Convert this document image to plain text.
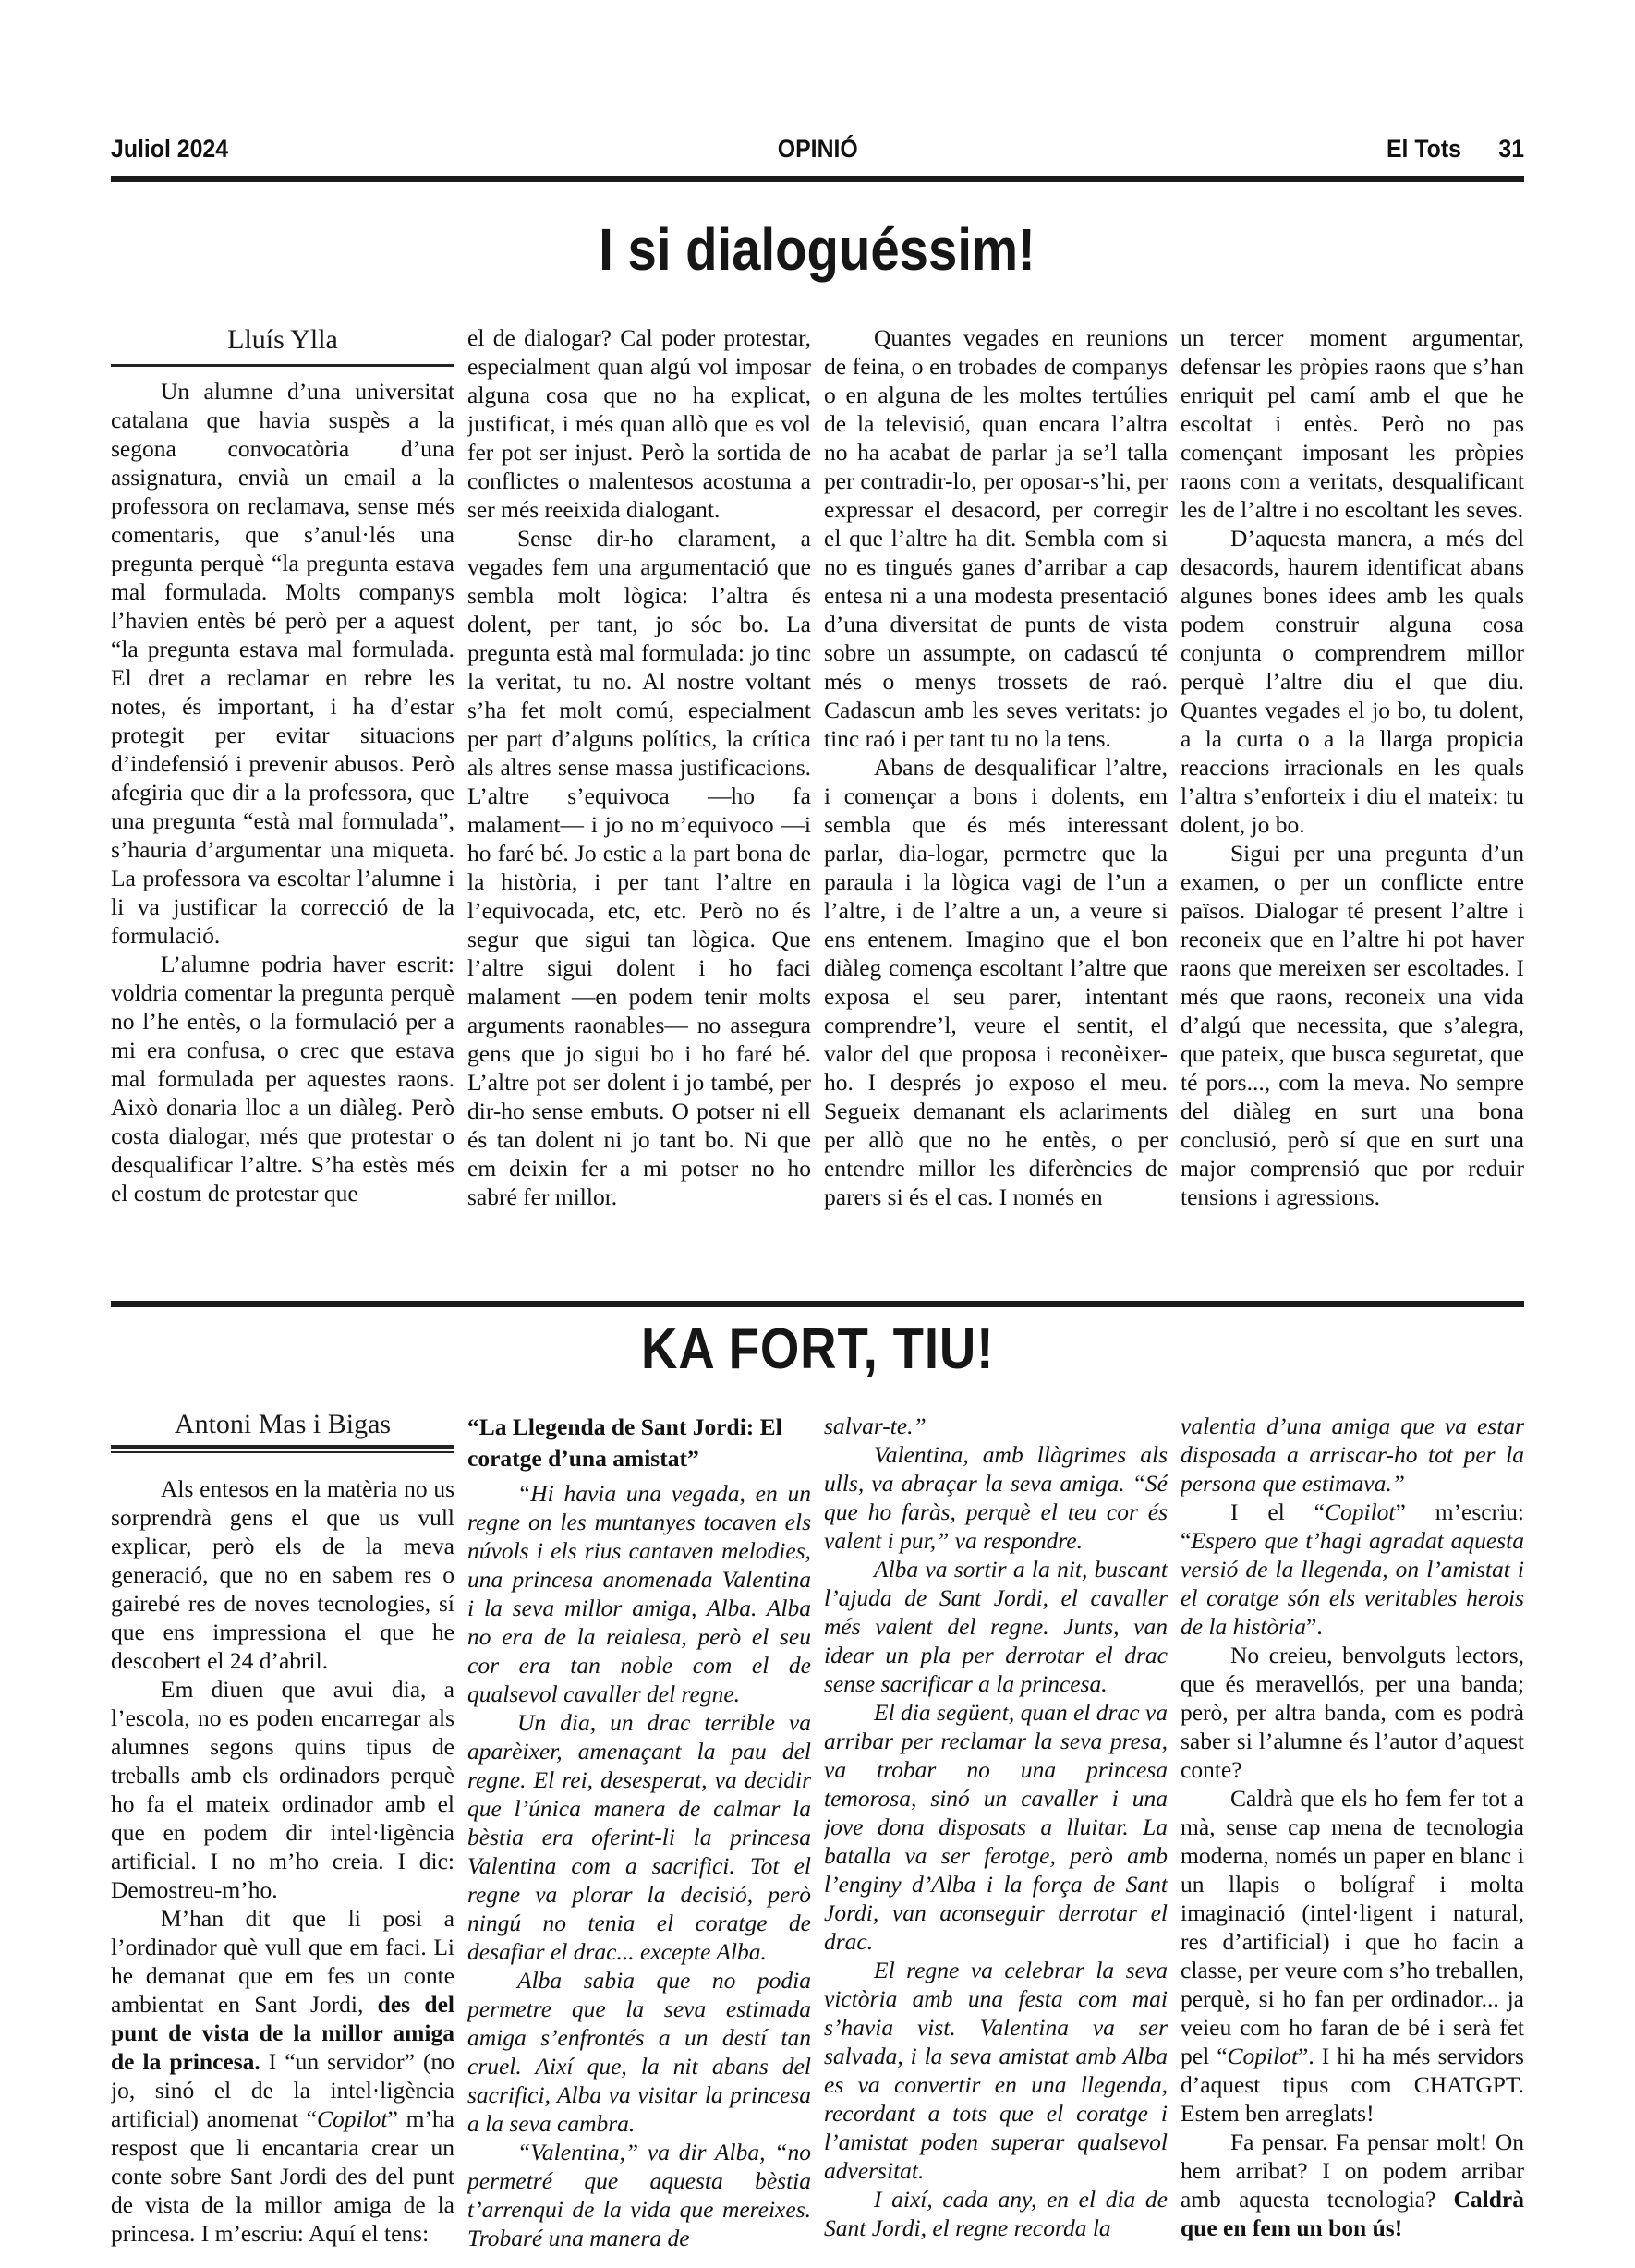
Juliol 2024	OPINIÓ	El Tots 31
I si dialoguéssim!
Lluís Ylla

Un alumne d’una universitat catalana que havia suspès a la segona convocatòria d’una assignatura, envià un email a la professora on reclamava, sense més comentaris, que s’anul·lés una pregunta perquè “la pregunta estava mal formulada. Molts companys l’havien entès bé però per a aquest “la pregunta estava mal formulada. El dret a reclamar en rebre les notes, és important, i ha d’estar protegit per evitar situacions d’indefensió i prevenir abusos. Però afegiria que dir a la professora, que una pregunta “està mal formulada”, s’hauria d’argumentar una miqueta. La professora va escoltar l’alumne i li va justificar la correcció de la formulació.

L’alumne podria haver escrit: voldria comentar la pregunta perquè no l’he entès, o la formulació per a mi era confusa, o crec que estava mal formulada per aquestes raons. Això donaria lloc a un diàleg. Però costa dialogar, més que protestar o desqualificar l’altre. S’ha estès més el costum de protestar que

el de dialogar? Cal poder protestar, especialment quan algú vol imposar alguna cosa que no ha explicat, justificat, i més quan allò que es vol fer pot ser injust. Però la sortida de conflictes o malentesos acostuma a ser més reeixida dialogant.

Sense dir-ho clarament, a vegades fem una argumentació que sembla molt lògica: l’altra és dolent, per tant, jo sóc bo. La pregunta està mal formulada: jo tinc la veritat, tu no. Al nostre voltant s’ha fet molt comú, especialment per part d’alguns polítics, la crítica als altres sense massa justificacions. L’altre s’equivoca —ho fa malament— i jo no m’equivoco —i ho faré bé. Jo estic a la part bona de la història, i per tant l’altre en l’equivocada, etc, etc. Però no és segur que sigui tan lògica. Que l’altre sigui dolent i ho faci malament —en podem tenir molts arguments raonables— no assegura gens que jo sigui bo i ho faré bé. L’altre pot ser dolent i jo també, per dir-ho sense embuts. O potser ni ell és tan dolent ni jo tant bo. Ni que em deixin fer a mi potser no ho sabré fer millor.

Quantes vegades en reunions de feina, o en trobades de companys o en alguna de les moltes tertúlies de la televisió, quan encara l’altra no ha acabat de parlar ja se’l talla per contradir-lo, per oposar-s’hi, per expressar el desacord, per corregir el que l’altre ha dit. Sembla com si no es tingués ganes d’arribar a cap entesa ni a una modesta presentació d’una diversitat de punts de vista sobre un assumpte, on cadascú té més o menys trossets de raó. Cadascun amb les seves veritats: jo tinc raó i per tant tu no la tens.

Abans de desqualificar l’altre, i començar a bons i dolents, em sembla que és més interessant parlar, dia-logar, permetre que la paraula i la lògica vagi de l’un a l’altre, i de l’altre a un, a veure si ens entenem. Imagino que el bon diàleg comença escoltant l’altre que exposa el seu parer, intentant comprendre’l, veure el sentit, el valor del que proposa i reconèixer-ho. I després jo exposo el meu. Segueix demanant els aclariments per allò que no he entès, o per entendre millor les diferències de parers si és el cas. I només en

un tercer moment argumentar, defensar les pròpies raons que s’han enriquit pel camí amb el que he escoltat i entès. Però no pas començant imposant les pròpies raons com a veritats, desqualificant les de l’altre i no escoltant les seves.

D’aquesta manera, a més del desacords, haurem identificat abans algunes bones idees amb les quals podem construir alguna cosa conjunta o comprendrem millor perquè l’altre diu el que diu. Quantes vegades el jo bo, tu dolent, a la curta o a la llarga propicia reaccions irracionals en les quals l’altra s’enforteix i diu el mateix: tu dolent, jo bo.

Sigui per una pregunta d’un examen, o per un conflicte entre països. Dialogar té present l’altre i reconeix que en l’altre hi pot haver raons que mereixen ser escoltades. I més que raons, reconeix una vida d’algú que necessita, que s’alegra, que pateix, que busca seguretat, que té pors..., com la meva. No sempre del diàleg en surt una bona conclusió, però sí que en surt una major comprensió que por reduir tensions i agressions.

KA FORT, TIU!
Antoni Mas i Bigas

Als entesos en la matèria no us sorprendrà gens el que us vull explicar, però els de la meva generació, que no en sabem res o gairebé res de noves tecnologies, sí que ens impressiona el que he descobert el 24 d’abril.

Em diuen que avui dia, a l’escola, no es poden encarregar als alumnes segons quins tipus de treballs amb els ordinadors perquè ho fa el mateix ordinador amb el que en podem dir intel·ligència artificial. I no m’ho creia. I dic: Demostreu-m’ho.

M’han dit que li posi a l’ordinador què vull que em faci. Li he demanat que em fes un conte ambientat en Sant Jordi, des del punt de vista de la millor amiga de la princesa. I “un servidor” (no jo, sinó el de la intel·ligència artificial) anomenat “Copilot” m’ha respost que li encantaria crear un conte sobre Sant Jordi des del punt de vista de la millor amiga de la princesa. I m’escriu: Aquí el tens:

“La Llegenda de Sant Jordi: El coratge d’una amistat”

“Hi havia una vegada, en un regne on les muntanyes tocaven els núvols i els rius cantaven melodies, una princesa anomenada Valentina i la seva millor amiga, Alba. Alba no era de la reialesa, però el seu cor era tan noble com el de qualsevol cavaller del regne.

Un dia, un drac terrible va aparèixer, amenaçant la pau del regne. El rei, desesperat, va decidir que l’única manera de calmar la bèstia era oferint-li la princesa Valentina com a sacrifici. Tot el regne va plorar la decisió, però ningú no tenia el coratge de desafiar el drac... excepte Alba.

Alba sabia que no podia permetre que la seva estimada amiga s’enfrontés a un destí tan cruel. Així que, la nit abans del sacrifici, Alba va visitar la princesa a la seva cambra.

“Valentina,” va dir Alba, “no permetré que aquesta bèstia t’arrenqui de la vida que mereixes. Trobaré una manera de

salvar-te.”

Valentina, amb llàgrimes als ulls, va abraçar la seva amiga. “Sé que ho faràs, perquè el teu cor és valent i pur,” va respondre.

Alba va sortir a la nit, buscant l’ajuda de Sant Jordi, el cavaller més valent del regne. Junts, van idear un pla per derrotar el drac sense sacrificar a la princesa.

El dia següent, quan el drac va arribar per reclamar la seva presa, va trobar no una princesa temorosa, sinó un cavaller i una jove dona disposats a lluitar. La batalla va ser ferotge, però amb l’enginy d’Alba i la força de Sant Jordi, van aconseguir derrotar el drac.

El regne va celebrar la seva victòria amb una festa com mai s’havia vist. Valentina va ser salvada, i la seva amistat amb Alba es va convertir en una llegenda, recordant a tots que el coratge i l’amistat poden superar qualsevol adversitat.

I així, cada any, en el dia de Sant Jordi, el regne recorda la

valentia d’una amiga que va estar disposada a arriscar-ho tot per la persona que estimava.”

I el “Copilot” m’escriu: “Espero que t’hagi agradat aquesta versió de la llegenda, on l’amistat i el coratge són els veritables herois de la història”.

No creieu, benvolguts lectors, que és meravellós, per una banda; però, per altra banda, com es podrà saber si l’alumne és l’autor d’aquest conte?

Caldrà que els ho fem fer tot a mà, sense cap mena de tecnologia moderna, només un paper en blanc i un llapis o bolígraf i molta imaginació (intel·ligent i natural, res d’artificial) i que ho facin a classe, per veure com s’ho treballen, perquè, si ho fan per ordinador... ja veieu com ho faran de bé i serà fet pel “Copilot”. I hi ha més servidors d’aquest tipus com CHATGPT. Estem ben arreglats!

Fa pensar. Fa pensar molt! On hem arribat? I on podem arribar amb aquesta tecnologia? Caldrà que en fem un bon ús!
